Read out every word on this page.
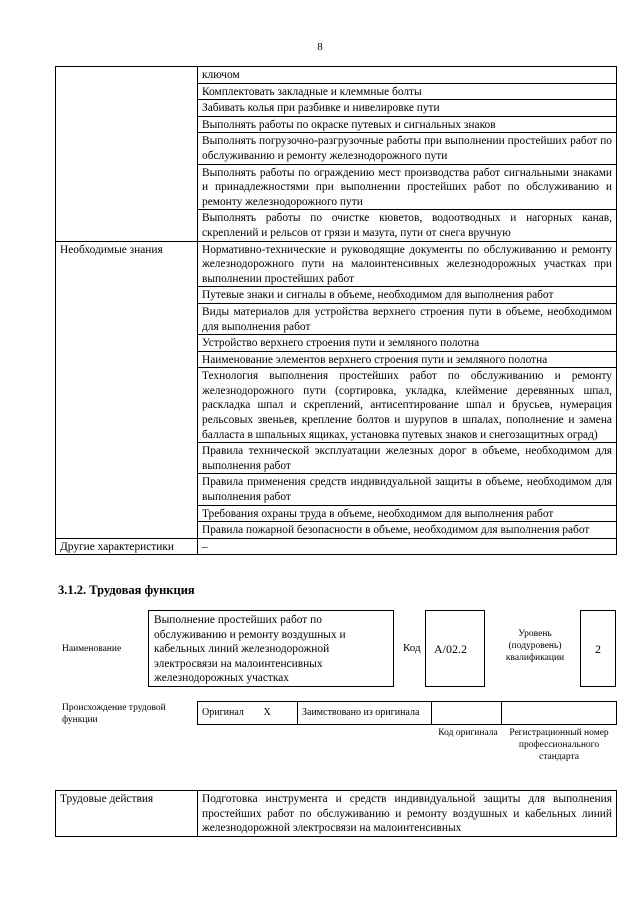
8
	ключом
	Комплектовать закладные и клеммные болты
	Забивать колья при разбивке и нивелировке пути
	Выполнять работы по окраске путевых и сигнальных знаков
	Выполнять погрузочно-разгрузочные работы при выполнении простейших работ по обслуживанию и ремонту железнодорожного пути
	Выполнять работы по ограждению мест производства работ сигнальными знаками и принадлежностями при выполнении простейших работ по обслуживанию и ремонту железнодорожного пути
	Выполнять работы по очистке кюветов, водоотводных и нагорных канав, скреплений и рельсов от грязи и мазута, пути от снега вручную
Необходимые знания	Нормативно-технические и руководящие документы по обслуживанию и ремонту железнодорожного пути на малоинтенсивных железнодорожных участках при выполнении простейших работ
	Путевые знаки и сигналы в объеме, необходимом для выполнения работ
	Виды материалов для устройства верхнего строения пути в объеме, необходимом для выполнения работ
	Устройство верхнего строения пути и земляного полотна
	Наименование элементов верхнего строения пути и земляного полотна
	Технология выполнения простейших работ по обслуживанию и ремонту железнодорожного пути (сортировка, укладка, клеймение деревянных шпал, раскладка шпал и скреплений, антисептирование шпал и брусьев, нумерация рельсовых звеньев, крепление болтов и шурупов в шпалах, пополнение и замена балласта в шпальных ящиках, установка путевых знаков и снегозащитных оград)
	Правила технической эксплуатации железных дорог в объеме, необходимом для выполнения работ
	Правила применения средств индивидуальной защиты в объеме, необходимом для выполнения работ
	Требования охраны труда в объеме, необходимом для выполнения работ
	Правила пожарной безопасности в объеме, необходимом для выполнения работ
Другие характеристики	–
3.1.2. Трудовая функция
Наименование
Выполнение простейших работ по обслуживанию и ремонту воздушных и кабельных линий железнодорожной электросвязи на малоинтенсивных железнодорожных участках
Код	А/02.2
Уровень (подуровень) квалификации
2
Происхождение трудовой функции
Оригинал	X	Заимствовано из оригинала		
Код оригинала	Регистрационный номер профессионального стандарта
Трудовые действия	Подготовка инструмента и средств индивидуальной защиты для выполнения простейших работ по обслуживанию и ремонту воздушных и кабельных линий железнодорожной электросвязи на малоинтенсивных
